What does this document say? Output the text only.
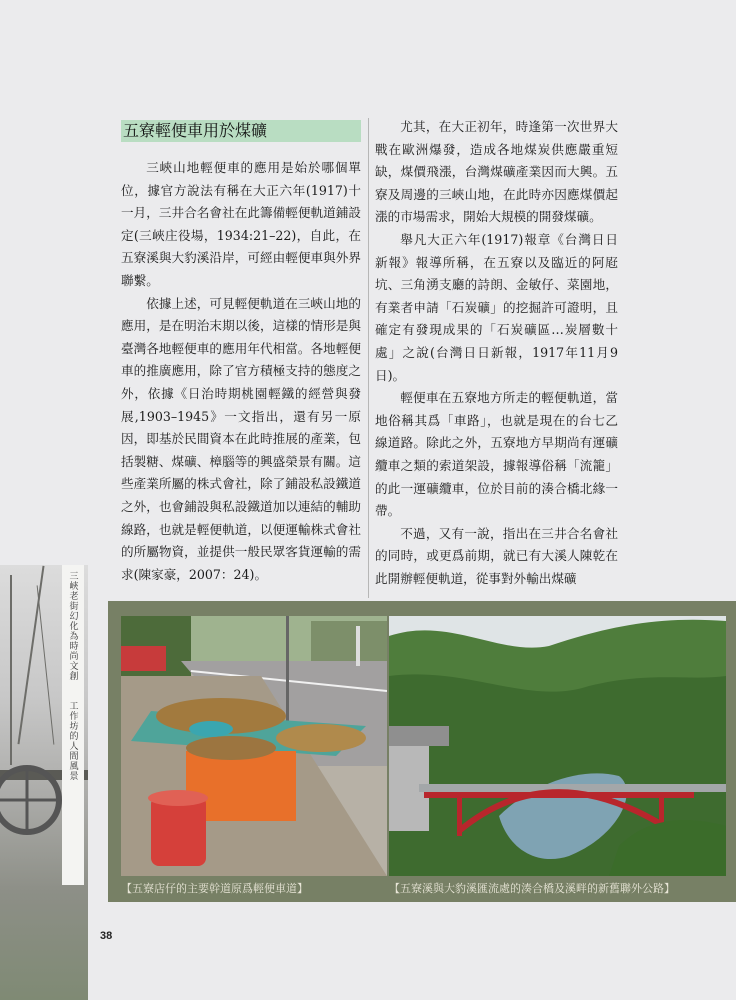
三峽老街幻化為時尚文創
工作坊的人間風景
五寮輕便車用於煤礦

三峽山地輕便車的應用是始於哪個單位，據官方說法有稱在大正六年(1917)十一月，三井合名會社在此籌備輕便軌道鋪設定(三峽庄役場，1934:21–22)，自此，在五寮溪與大豹溪沿岸，可經由輕便車與外界聯繫。

依據上述，可見輕便軌道在三峽山地的應用，是在明治末期以後，這樣的情形是與臺灣各地輕便車的應用年代相當。各地輕便車的推廣應用，除了官方積極支持的態度之外，依據《日治時期桃園輕鐵的經營與發展,1903–1945》一文指出，還有另一原因，即基於民間資本在此時推展的產業，包括製糖、煤礦、樟腦等的興盛榮景有關。這些產業所屬的株式會社，除了鋪設私設鐵道之外，也會鋪設與私設鐵道加以連結的輔助線路，也就是輕便軌道，以便運輸株式會社的所屬物資，並提供一般民眾客貨運輸的需求(陳家豪，2007：24)。

尤其，在大正初年，時逢第一次世界大戰在歐洲爆發，造成各地煤炭供應嚴重短缺，煤價飛漲，台灣煤礦產業因而大興。五寮及周邊的三峽山地，在此時亦因應煤價起漲的市場需求，開始大規模的開發煤礦。

舉凡大正六年(1917)報章《台灣日日新報》報導所稱，在五寮以及臨近的阿屘坑、三角湧支廳的詩朗、金敏仔、菜園地，有業者申請「石炭礦」的挖掘許可證明，且確定有發現成果的「石炭礦區…炭層數十處」之說(台灣日日新報，1917年11月9日)。

輕便車在五寮地方所走的輕便軌道，當地俗稱其爲「車路」，也就是現在的台七乙線道路。除此之外，五寮地方早期尚有運礦纜車之類的索道架設，據報導俗稱「流籠」的此一運礦纜車，位於目前的湊合橋北緣一帶。

不過，又有一說，指出在三井合名會社的同時，或更爲前期，就已有大溪人陳乾在此開辦輕便軌道，從事對外輸出煤礦

【五寮店仔的主要幹道原爲輕便車道】	【五寮溪與大豹溪匯流處的湊合橋及溪畔的新舊聯外公路】
38
